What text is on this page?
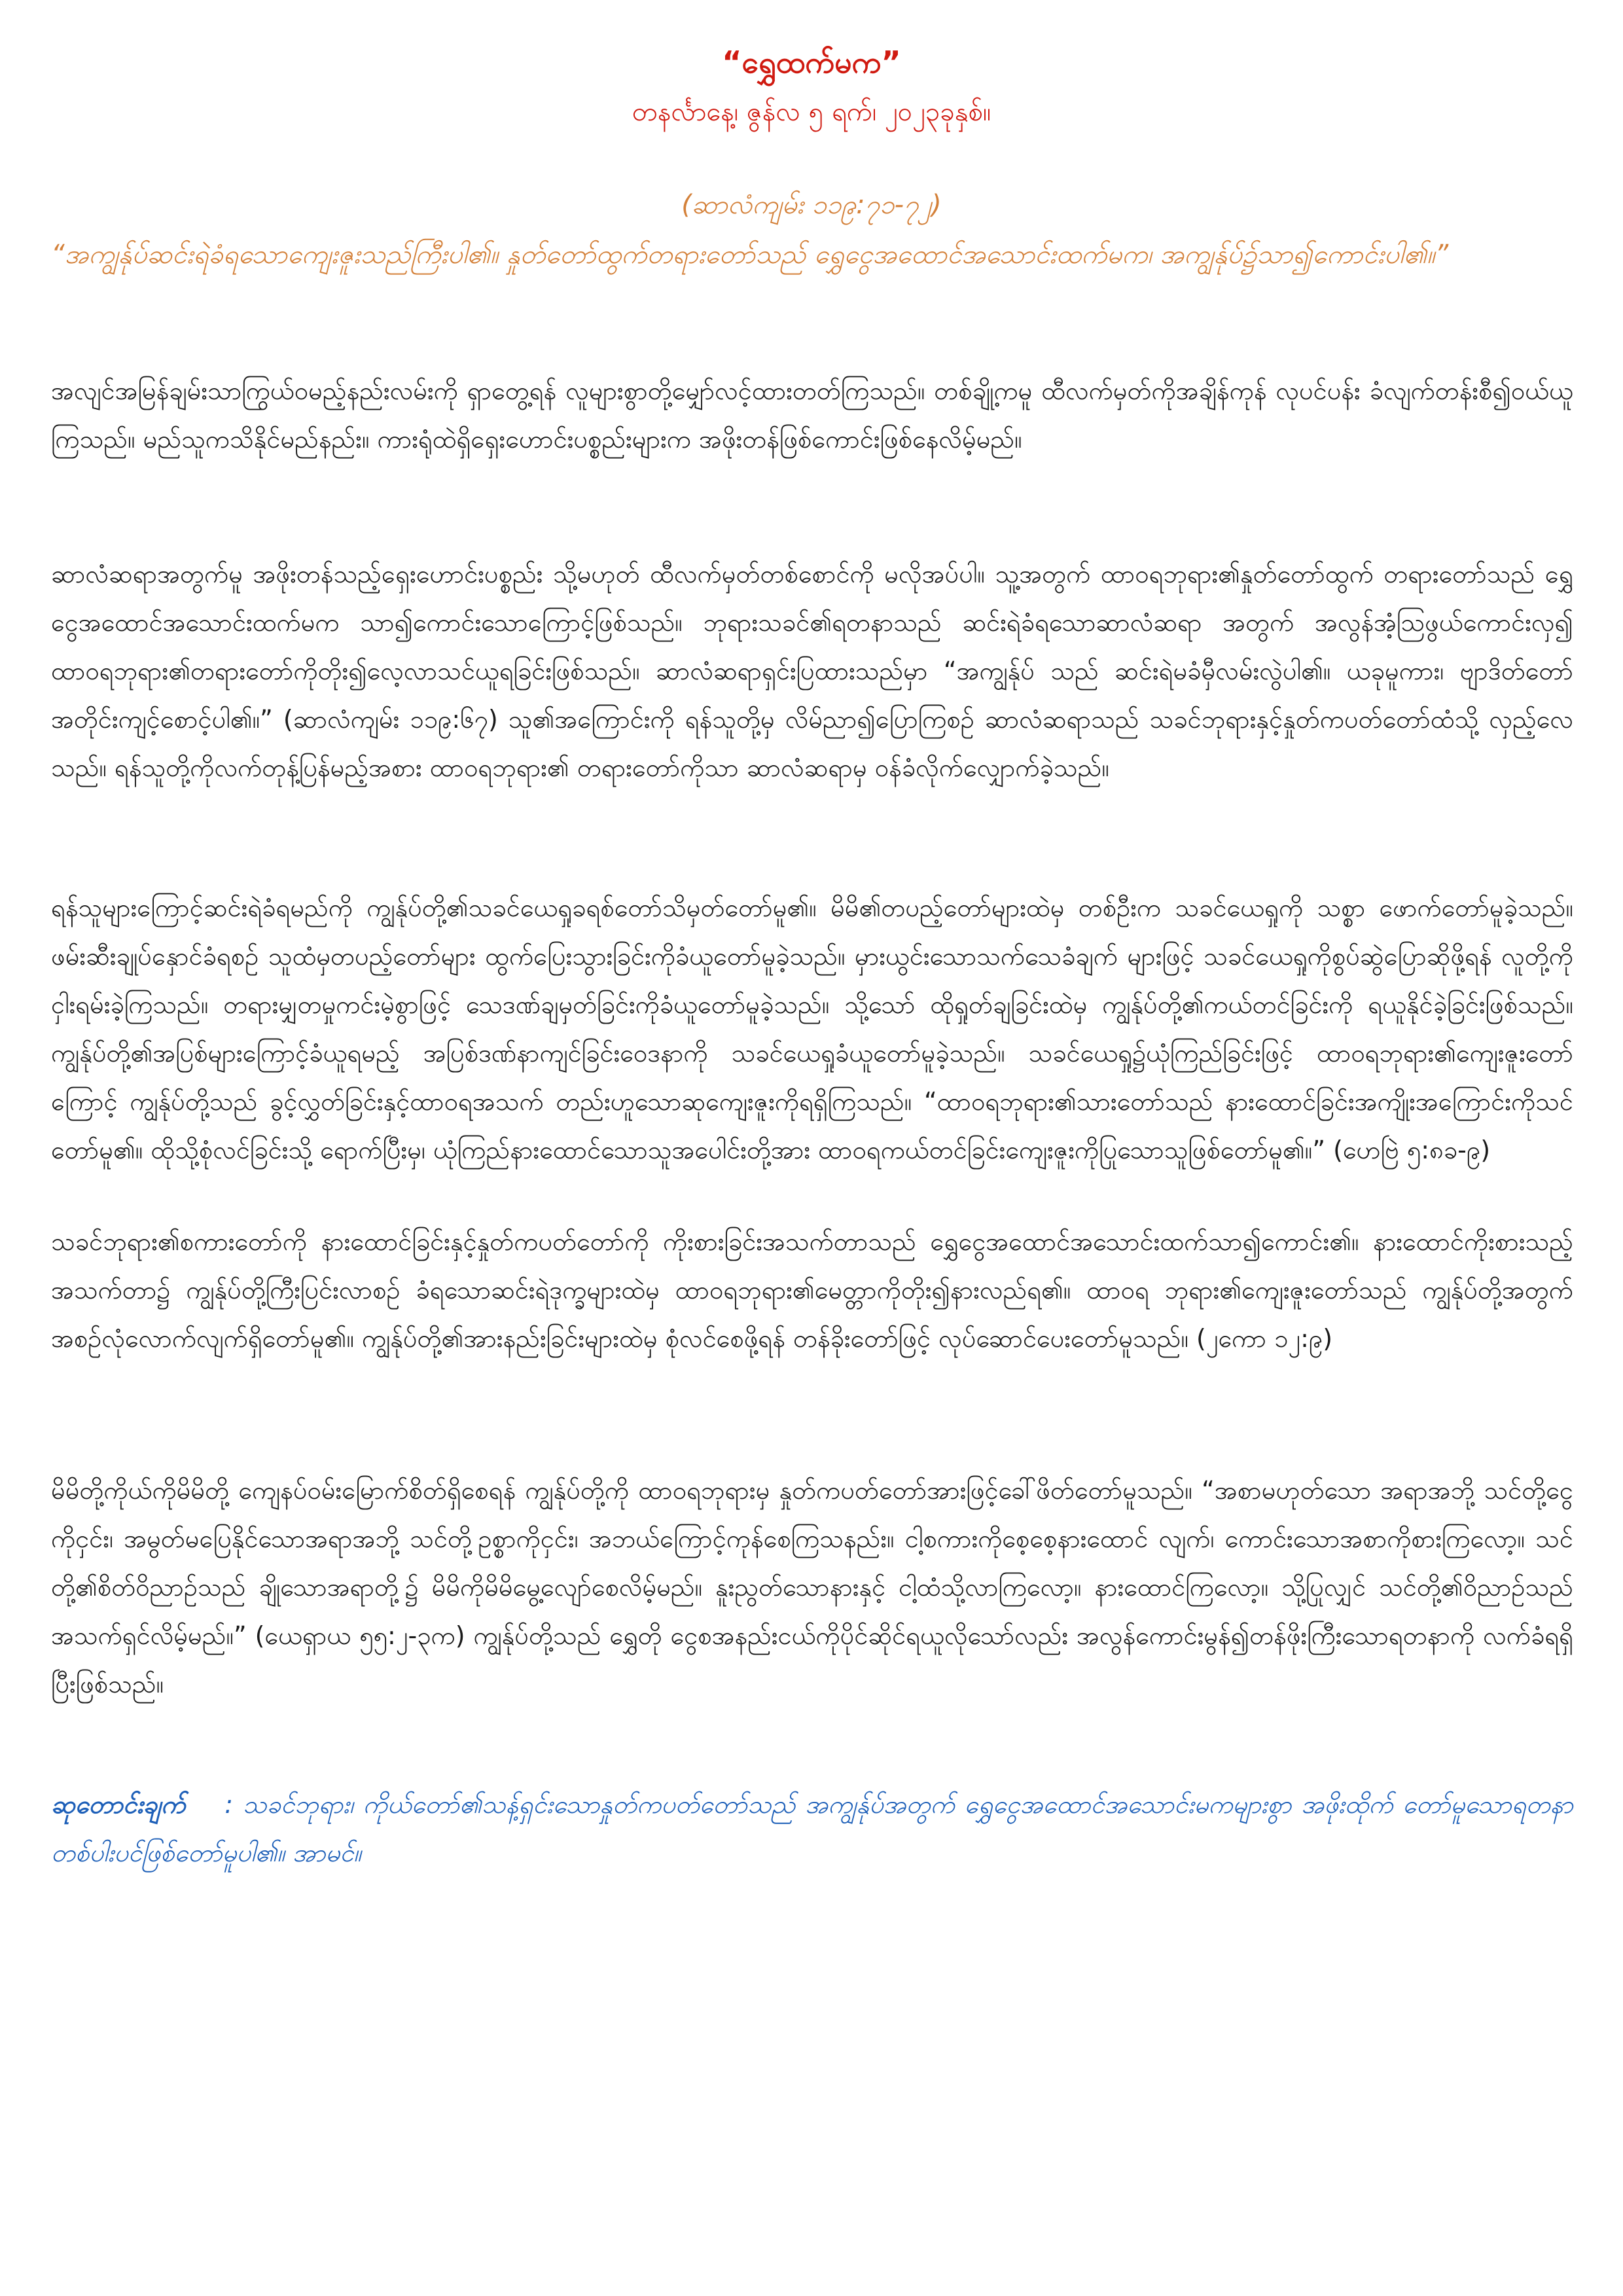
“ရွှေထက်မက”
တနင်္လာနေ့၊ ဇွန်လ ၅ ရက်၊ ၂၀၂၃ခုနှစ်။
(ဆာလံကျမ်း ၁၁၉:၇၁-၇၂)
“အကျွန်ုပ်ဆင်းရဲခံရသောကျေးဇူးသည်ကြီးပါ၏။ နှုတ်တော်ထွက်တရားတော်သည် ရွှေငွေအထောင်အသောင်းထက်မက၊ အကျွန်ုပ်၌သာ၍ကောင်းပါ၏။”

အလျင်အမြန်ချမ်းသာကြွယ်ဝမည့်နည်းလမ်းကို ရှာတွေ့ရန် လူများစွာတို့မျှော်လင့်ထားတတ်ကြသည်။ တစ်ချို့ကမူ ထီလက်မှတ်ကိုအချိန်ကုန် လုပင်ပန်း ခံလျက်တန်းစီ၍ဝယ်ယူကြသည်။ မည်သူကသိနိုင်မည်နည်း။ ကားရုံထဲရှိရှေးဟောင်းပစ္စည်းများက အဖိုးတန်ဖြစ်ကောင်းဖြစ်နေလိမ့်မည်။

ဆာလံဆရာအတွက်မူ အဖိုးတန်သည့်ရှေးဟောင်းပစ္စည်း သို့မဟုတ် ထီလက်မှတ်တစ်စောင်ကို မလိုအပ်ပါ။ သူ့အတွက် ထာဝရဘုရား၏နှုတ်တော်ထွက် တရားတော်သည် ရွှေငွေအထောင်အသောင်းထက်မက သာ၍ကောင်းသောကြောင့်ဖြစ်သည်။ ဘုရားသခင်၏ရတနာသည် ဆင်းရဲခံရသောဆာလံဆရာ အတွက် အလွန်အံ့ဩဖွယ်ကောင်းလှ၍ ထာဝရဘုရား၏တရားတော်ကိုတိုး၍လေ့လာသင်ယူရခြင်းဖြစ်သည်။ ဆာလံဆရာရှင်းပြထားသည်မှာ “အကျွန်ုပ် သည် ဆင်းရဲမခံမှီလမ်းလွဲပါ၏။ ယခုမူကား၊ ဗျာဒိတ်တော်အတိုင်းကျင့်စောင့်ပါ၏။” (ဆာလံကျမ်း ၁၁၉:၆၇) သူ၏အကြောင်းကို ရန်သူတို့မှ လိမ်ညာ၍ပြောကြစဉ် ဆာလံဆရာသည် သခင်ဘုရားနှင့်နှုတ်ကပတ်တော်ထံသို့ လှည့်လေသည်။ ရန်သူတို့ကိုလက်တုန့်ပြန်မည့်အစား ထာဝရဘုရား၏ တရားတော်ကိုသာ ဆာလံဆရာမှ ဝန်ခံလိုက်လျှောက်ခဲ့သည်။

ရန်သူများကြောင့်ဆင်းရဲခံရမည်ကို ကျွန်ုပ်တို့၏သခင်ယေရှုခရစ်တော်သိမှတ်တော်မူ၏။ မိမိ၏တပည့်တော်များထဲမှ တစ်ဦးက သခင်ယေရှုကို သစ္စာ ဖောက်တော်မူခဲ့သည်။ ဖမ်းဆီးချုပ်နှောင်ခံရစဉ် သူထံမှတပည့်တော်များ ထွက်ပြေးသွားခြင်းကိုခံယူတော်မူခဲ့သည်။ မှားယွင်းသောသက်သေခံချက် များဖြင့် သခင်ယေရှုကိုစွပ်ဆွဲပြောဆိုဖို့ရန် လူတို့ကိုငှါးရမ်းခဲ့ကြသည်။ တရားမျှတမှုကင်းမဲ့စွာဖြင့် သေဒဏ်ချမှတ်ခြင်းကိုခံယူတော်မူခဲ့သည်။ သို့သော် ထိုရှုတ်ချခြင်းထဲမှ ကျွန်ုပ်တို့၏ကယ်တင်ခြင်းကို ရယူနိုင်ခဲ့ခြင်းဖြစ်သည်။ ကျွန်ုပ်တို့၏အပြစ်များကြောင့်ခံယူရမည့် အပြစ်ဒဏ်နာကျင်ခြင်းဝေဒနာကို သခင်ယေရှုခံယူတော်မူခဲ့သည်။ သခင်ယေရှု၌ယုံကြည်ခြင်းဖြင့် ထာဝရဘုရား၏ကျေးဇူးတော်ကြောင့် ကျွန်ုပ်တို့သည် ခွင့်လွှတ်ခြင်းနှင့်ထာဝရအသက် တည်းဟူသောဆုကျေးဇူးကိုရရှိကြသည်။ “ထာဝရဘုရား၏သားတော်သည် နားထောင်ခြင်းအကျိုးအကြောင်းကိုသင်တော်မူ၏။ ထိုသို့စုံလင်ခြင်းသို့ ရောက်ပြီးမှ၊ ယုံကြည်နားထောင်သောသူအပေါင်းတို့အား ထာဝရကယ်တင်ခြင်းကျေးဇူးကိုပြုသောသူဖြစ်တော်မူ၏။” (ဟေဗြဲ ၅:၈ခ-၉)

သခင်ဘုရား၏စကားတော်ကို နားထောင်ခြင်းနှင့်နှုတ်ကပတ်တော်ကို ကိုးစားခြင်းအသက်တာသည် ရွှေငွေအထောင်အသောင်းထက်သာ၍ကောင်း၏။ နားထောင်ကိုးစားသည့်အသက်တာ၌ ကျွန်ုပ်တို့ကြီးပြင်းလာစဉ် ခံရသောဆင်းရဲဒုက္ခများထဲမှ ထာဝရဘုရား၏မေတ္တာကိုတိုး၍နားလည်ရ၏။ ထာဝရ ဘုရား၏ကျေးဇူးတော်သည် ကျွန်ုပ်တို့အတွက်အစဉ်လုံလောက်လျက်ရှိတော်မူ၏။ ကျွန်ုပ်တို့၏အားနည်းခြင်းများထဲမှ စုံလင်စေဖို့ရန် တန်ခိုးတော်ဖြင့် လုပ်ဆောင်ပေးတော်မူသည်။ (၂ကော ၁၂:၉)

မိမိတို့ကိုယ်ကိုမိမိတို့ ကျေနပ်ဝမ်းမြောက်စိတ်ရှိစေရန် ကျွန်ုပ်တို့ကို ထာဝရဘုရားမှ နှုတ်ကပတ်တော်အားဖြင့်ခေါ်ဖိတ်တော်မူသည်။ “အစာမဟုတ်သော အရာအဘို့ သင်တို့ငွေကိုငှင်း၊ အမွတ်မပြေနိုင်သောအရာအဘို့ သင်တို့ဥစ္စာကိုငှင်း၊ အဘယ်ကြောင့်ကုန်စေကြသနည်း။ ငါ့စကားကိုစေ့စေ့နားထောင် လျက်၊ ကောင်းသောအစာကိုစားကြလော့။ သင်တို့၏စိတ်ဝိညာဉ်သည် ချိုသောအရာတို့၌ မိမိကိုမိမိမွေ့လျော်စေလိမ့်မည်။ နူးညွတ်သောနားနှင့် ငါ့ထံသို့လာကြလော့။ နားထောင်ကြလော့။ သို့ပြုလျှင် သင်တို့၏ဝိညာဉ်သည် အသက်ရှင်လိမ့်မည်။” (ယေရှာယ ၅၅:၂-၃က) ကျွန်ုပ်တို့သည် ရွှေတို ငွေစအနည်းငယ်ကိုပိုင်ဆိုင်ရယူလိုသော်လည်း အလွန်ကောင်းမွန်၍တန်ဖိုးကြီးသောရတနာကို လက်ခံရရှိပြီးဖြစ်သည်။

ဆုတောင်းချက် : သခင်ဘုရား၊ ကိုယ်တော်၏သန့်ရှင်းသောနှုတ်ကပတ်တော်သည် အကျွန်ုပ်အတွက် ရွှေငွေအထောင်အသောင်းမကများစွာ အဖိုးထိုက် တော်မူသောရတနာတစ်ပါးပင်ဖြစ်တော်မူပါ၏။ အာမင်။
